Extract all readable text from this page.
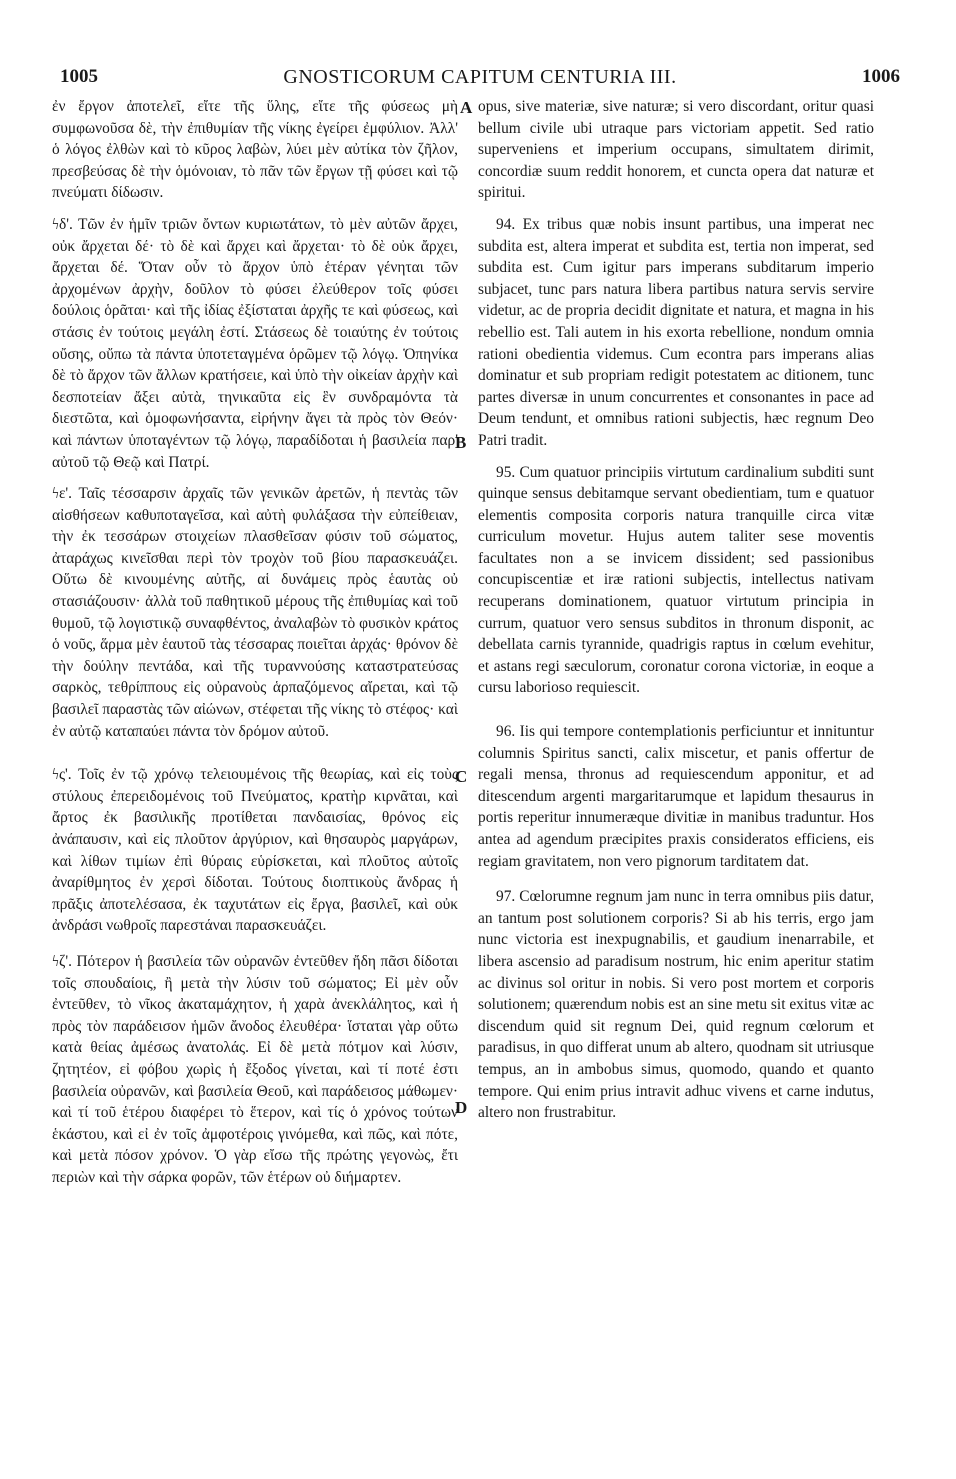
1005	GNOSTICORUM CAPITUM CENTURIA III.	1006
A
B
C
D

ἐν ἔργον ἀποτελεῖ, εἴτε τῆς ὕλης, εἴτε τῆς φύσεως μὴ συμφωνοῦσα δὲ, τὴν ἐπιθυμίαν τῆς νίκης ἐγείρει ἐμφύλιον. Ἀλλ' ὁ λόγος ἐλθὼν καὶ τὸ κῦρος λαβὼν, λύει μὲν αὐτίκα τὸν ζῆλον, πρεσβεύσας δὲ τὴν ὁμόνοιαν, τὸ πᾶν τῶν ἔργων τῇ φύσει καὶ τῷ πνεύματι δίδωσιν.

ϟδ'. Τῶν ἐν ἡμῖν τριῶν ὄντων κυριωτάτων, τὸ μὲν αὐτῶν ἄρχει, οὐκ ἄρχεται δέ· τὸ δὲ καὶ ἄρχει καὶ ἄρχεται· τὸ δὲ οὐκ ἄρχει, ἄρχεται δέ. Ὅταν οὖν τὸ ἄρχον ὑπὸ ἑτέραν γένηται τῶν ἀρχομένων ἀρχὴν, δοῦλον τὸ φύσει ἐλεύθερον τοῖς φύσει δούλοις ὁρᾶται· καὶ τῆς ἰδίας ἐξίσταται ἀρχῆς τε καὶ φύσεως, καὶ στάσις ἐν τούτοις μεγάλη ἐστί. Στάσεως δὲ τοιαύτης ἐν τούτοις οὔσης, οὔπω τὰ πάντα ὑποτεταγμένα ὁρῶμεν τῷ λόγῳ. Ὁπηνίκα δὲ τὸ ἄρχον τῶν ἄλλων κρατήσειε, καὶ ὑπὸ τὴν οἰκείαν ἀρχὴν καὶ δεσποτείαν ἄξει αὐτὰ, τηνικαῦτα εἰς ἓν συνδραμόντα τὰ διεστῶτα, καὶ ὁμοφωνήσαντα, εἰρήνην ἄγει τὰ πρὸς τὸν Θεόν· καὶ πάντων ὑποταγέντων τῷ λόγῳ, παραδίδοται ἡ βασιλεία παρ' αὐτοῦ τῷ Θεῷ καὶ Πατρί.

ϟε'. Ταῖς τέσσαρσιν ἀρχαῖς τῶν γενικῶν ἀρετῶν, ἡ πεντὰς τῶν αἰσθήσεων καθυποταγεῖσα, καὶ αὐτὴ φυλάξασα τὴν εὐπείθειαν, τὴν ἐκ τεσσάρων στοιχείων πλασθεῖσαν φύσιν τοῦ σώματος, ἀταράχως κινεῖσθαι περὶ τὸν τροχὸν τοῦ βίου παρασκευάζει. Οὕτω δὲ κινουμένης αὐτῆς, αἱ δυνάμεις πρὸς ἑαυτὰς οὐ στασιάζουσιν· ἀλλὰ τοῦ παθητικοῦ μέρους τῆς ἐπιθυμίας καὶ τοῦ θυμοῦ, τῷ λογιστικῷ συναφθέντος, ἀναλαβὼν τὸ φυσικὸν κράτος ὁ νοῦς, ἅρμα μὲν ἑαυτοῦ τὰς τέσσαρας ποιεῖται ἀρχάς· θρόνον δὲ τὴν δούλην πεντάδα, καὶ τῆς τυραννούσης καταστρατεύσας σαρκὸς, τεθρίππους εἰς οὐρανοὺς ἁρπαζόμενος αἴρεται, καὶ τῷ βασιλεῖ παραστὰς τῶν αἰώνων, στέφεται τῆς νίκης τὸ στέφος· καὶ ἐν αὐτῷ καταπαύει πάντα τὸν δρόμον αὐτοῦ.

ϟς'. Τοῖς ἐν τῷ χρόνῳ τελειουμένοις τῆς θεωρίας, καὶ εἰς τοὺς στύλους ἐπερειδομένοις τοῦ Πνεύματος, κρατὴρ κιρνᾶται, καὶ ἄρτος ἐκ βασιλικῆς προτίθεται πανδαισίας, θρόνος εἰς ἀνάπαυσιν, καὶ εἰς πλοῦτον ἀργύριον, καὶ θησαυρὸς μαργάρων, καὶ λίθων τιμίων ἐπὶ θύραις εὑρίσκεται, καὶ πλοῦτος αὐτοῖς ἀναρίθμητος ἐν χερσὶ δίδοται. Τούτους διοπτικοὺς ἄνδρας ἡ πρᾶξις ἀποτελέσασα, ἐκ ταχυτάτων εἰς ἔργα, βασιλεῖ, καὶ οὐκ ἀνδράσι νωθροῖς παρεστάναι παρασκευάζει.

ϟζ'. Πότερον ἡ βασιλεία τῶν οὐρανῶν ἐντεῦθεν ἤδη πᾶσι δίδοται τοῖς σπουδαίοις, ἢ μετὰ τὴν λύσιν τοῦ σώματος; Εἰ μὲν οὖν ἐντεῦθεν, τὸ νῖκος ἀκαταμάχητον, ἡ χαρὰ ἀνεκλάλητος, καὶ ἡ πρὸς τὸν παράδεισον ἡμῶν ἄνοδος ἐλευθέρα· ἵσταται γὰρ οὕτω κατὰ θείας ἀμέσως ἀνατολάς. Εἰ δὲ μετὰ πότμον καὶ λύσιν, ζητητέον, εἰ φόβου χωρὶς ἡ ἔξοδος γίνεται, καὶ τί ποτέ ἐστι βασιλεία οὐρανῶν, καὶ βασιλεία Θεοῦ, καὶ παράδεισος μάθωμεν· καὶ τί τοῦ ἑτέρου διαφέρει τὸ ἕτερον, καὶ τίς ὁ χρόνος τούτων ἑκάστου, καὶ εἰ ἐν τοῖς ἀμφοτέροις γινόμεθα, καὶ πῶς, καὶ πότε, καὶ μετὰ πόσον χρόνον. Ὁ γὰρ εἴσω τῆς πρώτης γεγονὼς, ἔτι περιὼν καὶ τὴν σάρκα φορῶν, τῶν ἑτέρων οὐ διήμαρτεν.

opus, sive materiæ, sive naturæ; si vero discordant, oritur quasi bellum civile ubi utraque pars victoriam appetit. Sed ratio superveniens et imperium occupans, simultatem dirimit, concordiæ suum reddit honorem, et cuncta opera dat naturæ et spiritui.

94. Ex tribus quæ nobis insunt partibus, una imperat nec subdita est, altera imperat et subdita est, tertia non imperat, sed subdita est. Cum igitur pars imperans subditarum imperio subjacet, tunc pars natura libera partibus natura servis servire videtur, ac de propria decidit dignitate et natura, et magna in his rebellio est. Tali autem in his exorta rebellione, nondum omnia rationi obedientia videmus. Cum econtra pars imperans alias dominatur et sub propriam redigit potestatem ac ditionem, tunc partes diversæ in unum concurrentes et consonantes in pace ad Deum tendunt, et omnibus rationi subjectis, hæc regnum Deo Patri tradit.

95. Cum quatuor principiis virtutum cardinalium subditi sunt quinque sensus debitamque servant obedientiam, tum e quatuor elementis composita corporis natura tranquille circa vitæ curriculum movetur. Hujus autem taliter sese moventis facultates non a se invicem dissident; sed passionibus concupiscentiæ et iræ rationi subjectis, intellectus nativam recuperans dominationem, quatuor virtutum principia in currum, quatuor vero sensus subditos in thronum disponit, ac debellata carnis tyrannide, quadrigis raptus in cœlum evehitur, et astans regi sæculorum, coronatur corona victoriæ, in eoque a cursu laborioso requiescit.

96. Iis qui tempore contemplationis perficiuntur et innituntur columnis Spiritus sancti, calix miscetur, et panis offertur de regali mensa, thronus ad requiescendum apponitur, et ad ditescendum argenti margaritarumque et lapidum thesaurus in portis reperitur innumeræque divitiæ in manibus traduntur. Hos antea ad agendum præcipites praxis consideratos efficiens, eis regiam gravitatem, non vero pignorum tarditatem dat.

97. Cœlorumne regnum jam nunc in terra omnibus piis datur, an tantum post solutionem corporis? Si ab his terris, ergo jam nunc victoria est inexpugnabilis, et gaudium inenarrabile, et libera ascensio ad paradisum nostrum, hic enim aperitur statim ac divinus sol oritur in nobis. Si vero post mortem et corporis solutionem; quærendum nobis est an sine metu sit exitus vitæ ac discendum quid sit regnum Dei, quid regnum cœlorum et paradisus, in quo differat unum ab altero, quodnam sit utriusque tempus, an in ambobus simus, quomodo, quando et quanto tempore. Qui enim prius intravit adhuc vivens et carne indutus, altero non frustrabitur.
